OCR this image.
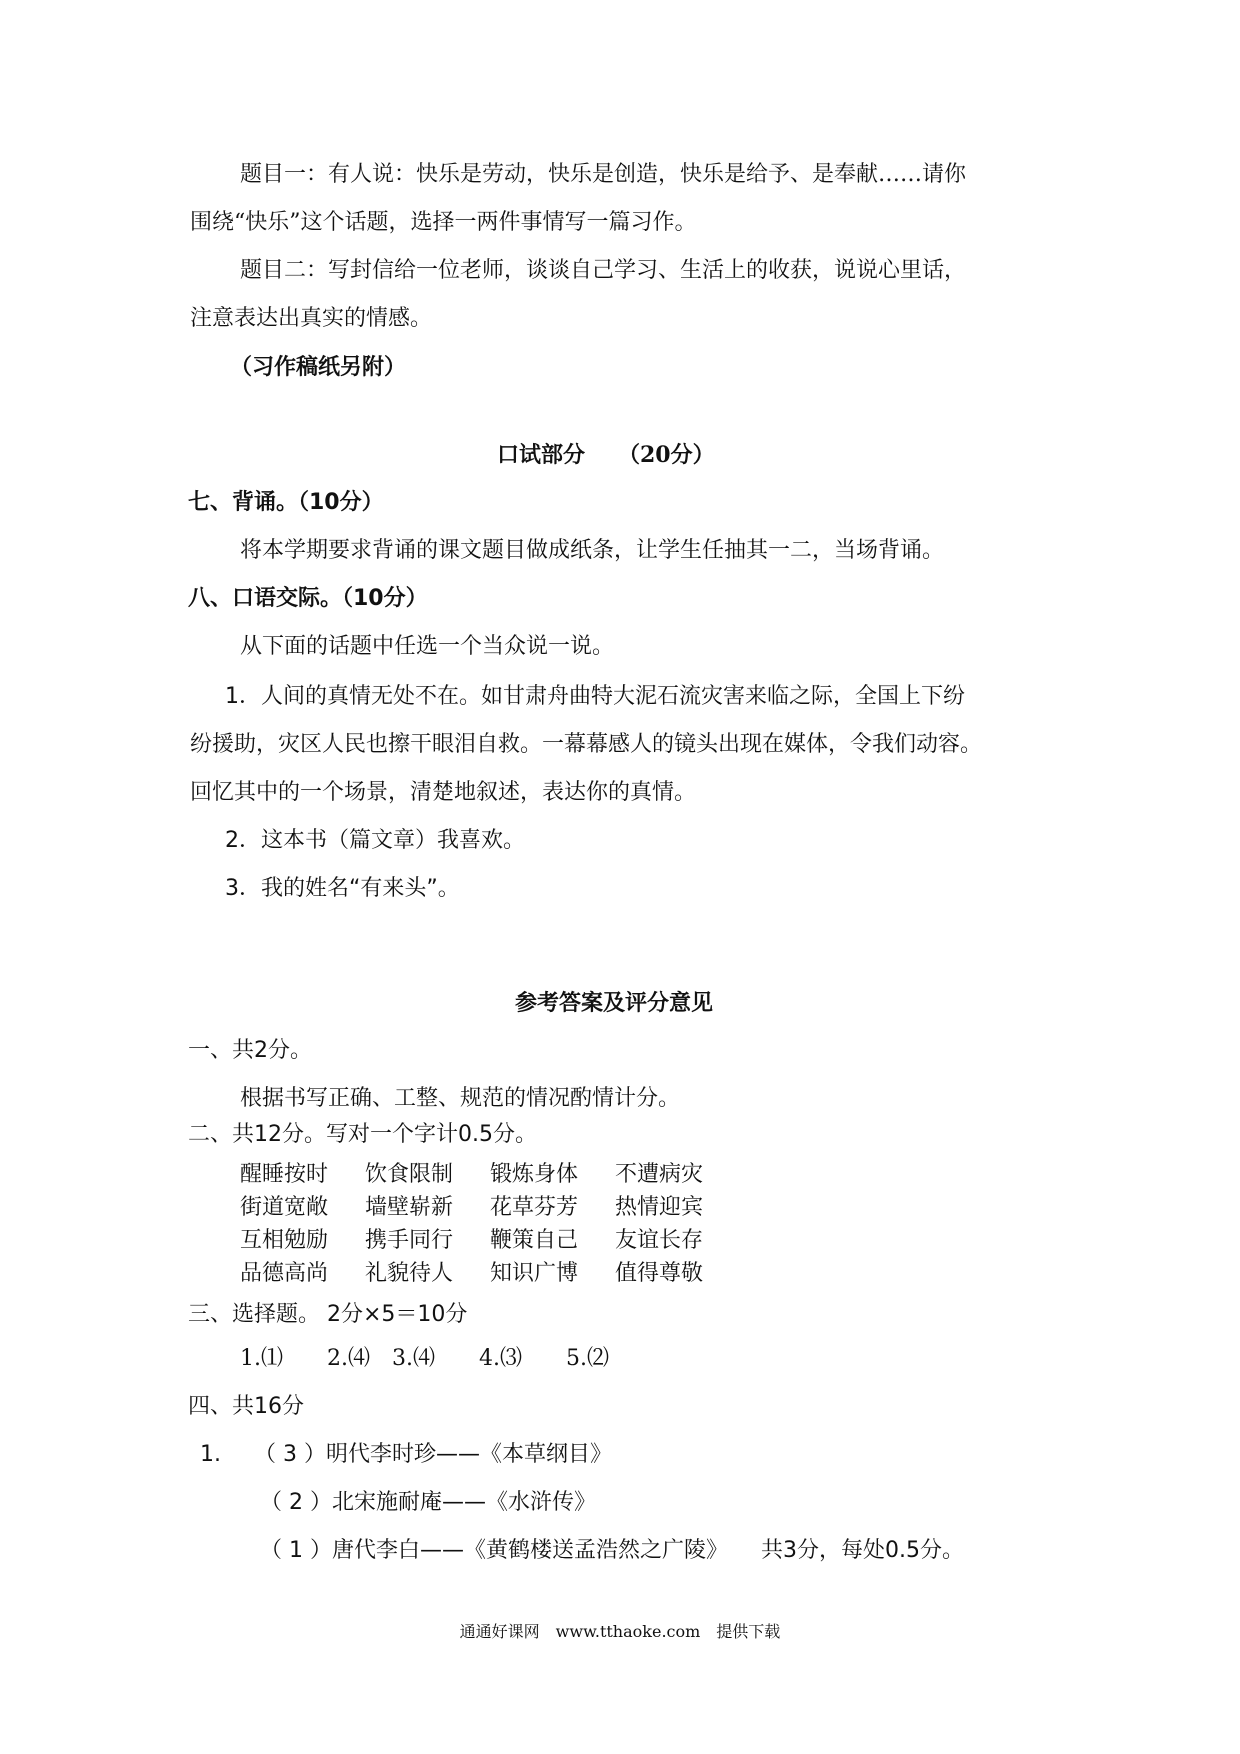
题目一：有人说：快乐是劳动，快乐是创造，快乐是给予、是奉献……请你
围绕“快乐”这个话题，选择一两件事情写一篇习作。
题目二：写封信给一位老师，谈谈自己学习、生活上的收获，说说心里话，
注意表达出真实的情感。
（习作稿纸另附）
口试部分　　（20分）
七、背诵。（10分）
将本学期要求背诵的课文题目做成纸条，让学生任抽其一二，当场背诵。
八、口语交际。（10分）
从下面的话题中任选一个当众说一说。
1．人间的真情无处不在。如甘肃舟曲特大泥石流灾害来临之际，全国上下纷
纷援助，灾区人民也擦干眼泪自救。一幕幕感人的镜头出现在媒体，令我们动容。
回忆其中的一个场景，清楚地叙述，表达你的真情。
2．这本书（篇文章）我喜欢。
3．我的姓名“有来头”。
参考答案及评分意见
一、共2分。
根据书写正确、工整、规范的情况酌情计分。
二、共12分。写对一个字计0.5分。
醒睡按时 饮食限制 锻炼身体 不遭病灾
街道宽敞 墙壁崭新 花草芬芳 热情迎宾
互相勉励 携手同行 鞭策自己 友谊长存
品德高尚 礼貌待人 知识广博 值得尊敬
三、选择题。 2分×5＝10分
1.⑴　　2.⑷　3.⑷　　4.⑶　　5.⑵
四、共16分
1.　　（ 3 ）明代李时珍——《本草纲目》
（ 2 ）北宋施耐庵——《水浒传》
（ 1 ）唐代李白——《黄鹤楼送孟浩然之广陵》　　共3分，每处0.5分。
通通好课网　www.tthaoke.com　提供下载
